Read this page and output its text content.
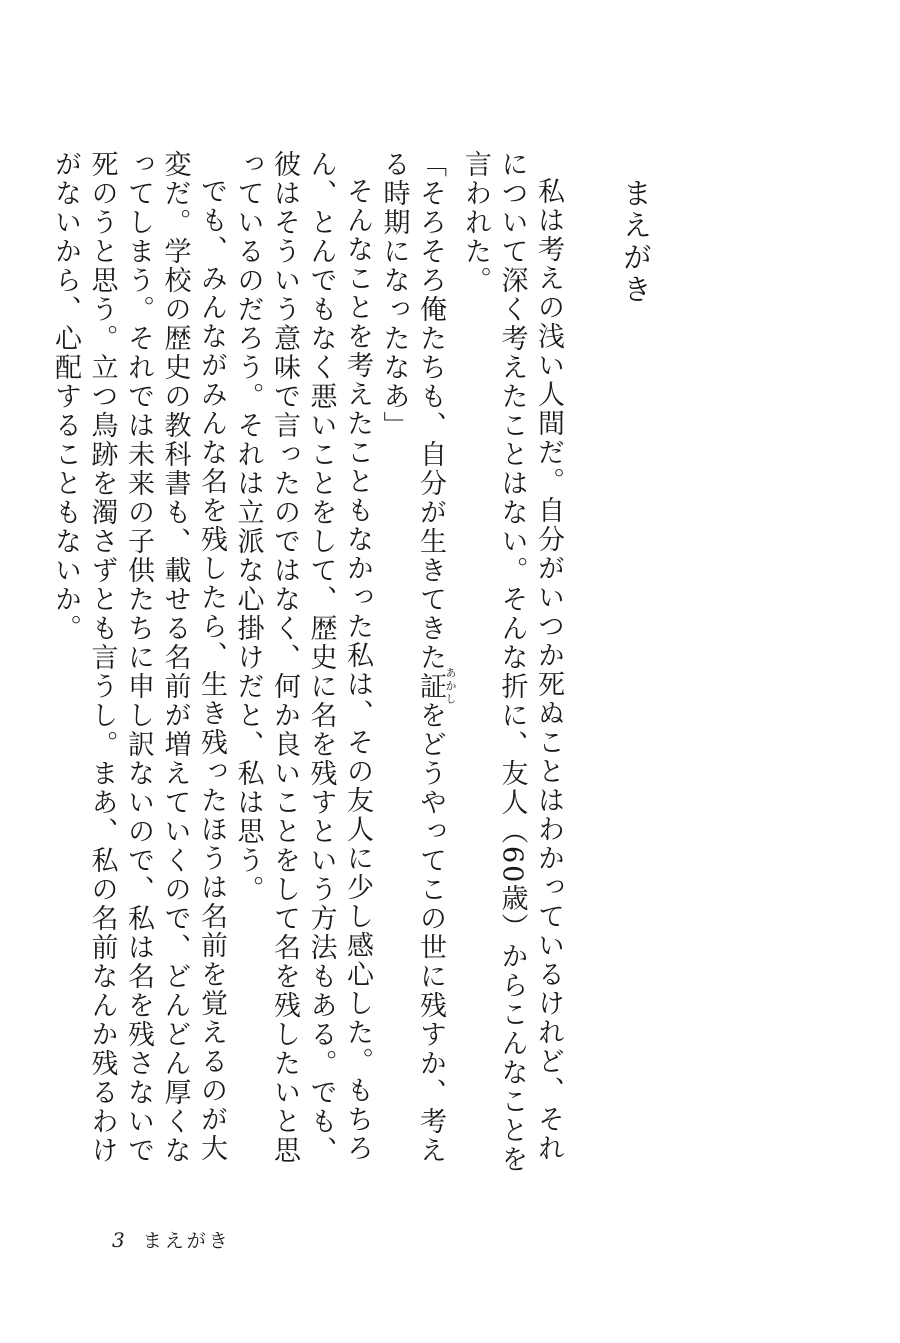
まえがき

私は考えの浅い人間だ。自分がいつか死ぬことはわかっているけれど、それについて深く考えたことはない。そんな折に、友人（60歳）からこんなことを言われた。

「そろそろ俺たちも、自分が生きてきた証あかしをどうやってこの世に残すか、考える時期になったなあ」

そんなことを考えたこともなかった私は、その友人に少し感心した。もちろん、とんでもなく悪いことをして、歴史に名を残すという方法もある。でも、彼はそういう意味で言ったのではなく、何か良いことをして名を残したいと思っているのだろう。それは立派な心掛けだと、私は思う。

でも、みんながみんな名を残したら、生き残ったほうは名前を覚えるのが大変だ。学校の歴史の教科書も、載せる名前が増えていくので、どんどん厚くなってしまう。それでは未来の子供たちに申し訳ないので、私は名を残さないで死のうと思う。立つ鳥跡を濁さずとも言うし。まあ、私の名前なんか残るわけがないから、心配することもないか。

3 まえがき
